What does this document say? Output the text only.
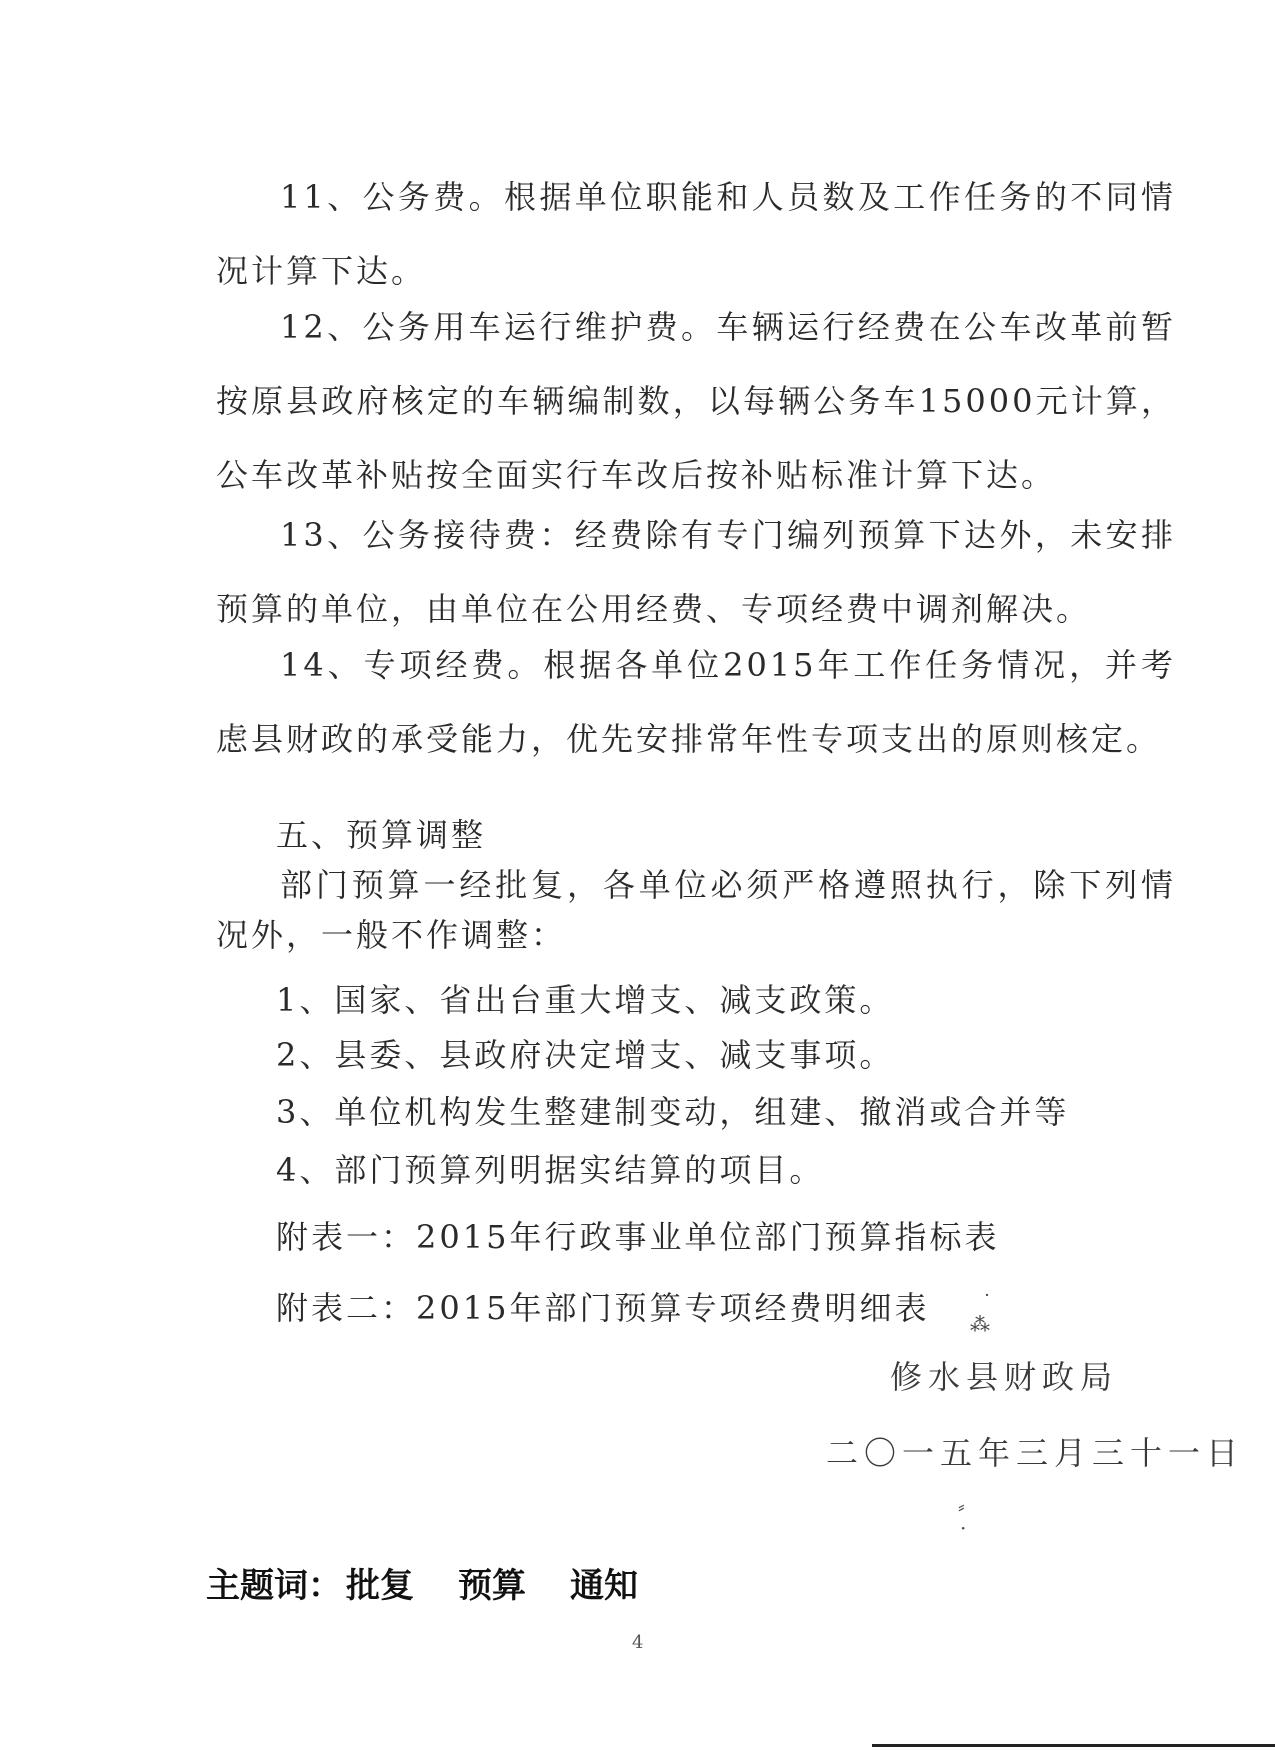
11、公务费。根据单位职能和人员数及工作任务的不同情况计算下达。

12、公务用车运行维护费。车辆运行经费在公车改革前暂按原县政府核定的车辆编制数，以每辆公务车15000元计算，公车改革补贴按全面实行车改后按补贴标准计算下达。

13、公务接待费：经费除有专门编列预算下达外，未安排预算的单位，由单位在公用经费、专项经费中调剂解决。

14、专项经费。根据各单位2015年工作任务情况，并考虑县财政的承受能力，优先安排常年性专项支出的原则核定。

五、预算调整

部门预算一经批复，各单位必须严格遵照执行，除下列情况外，一般不作调整：

1、国家、省出台重大增支、减支政策。

2、县委、县政府决定增支、减支事项。

3、单位机构发生整建制变动，组建、撤消或合并等

4、部门预算列明据实结算的项目。

附表一：2015年行政事业单位部门预算指标表

附表二：2015年部门预算专项经费明细表	˙
⁂
修水县财政局
二〇一五年三月三十一日
⸗
·
主题词： 批复 预算 通知
4
